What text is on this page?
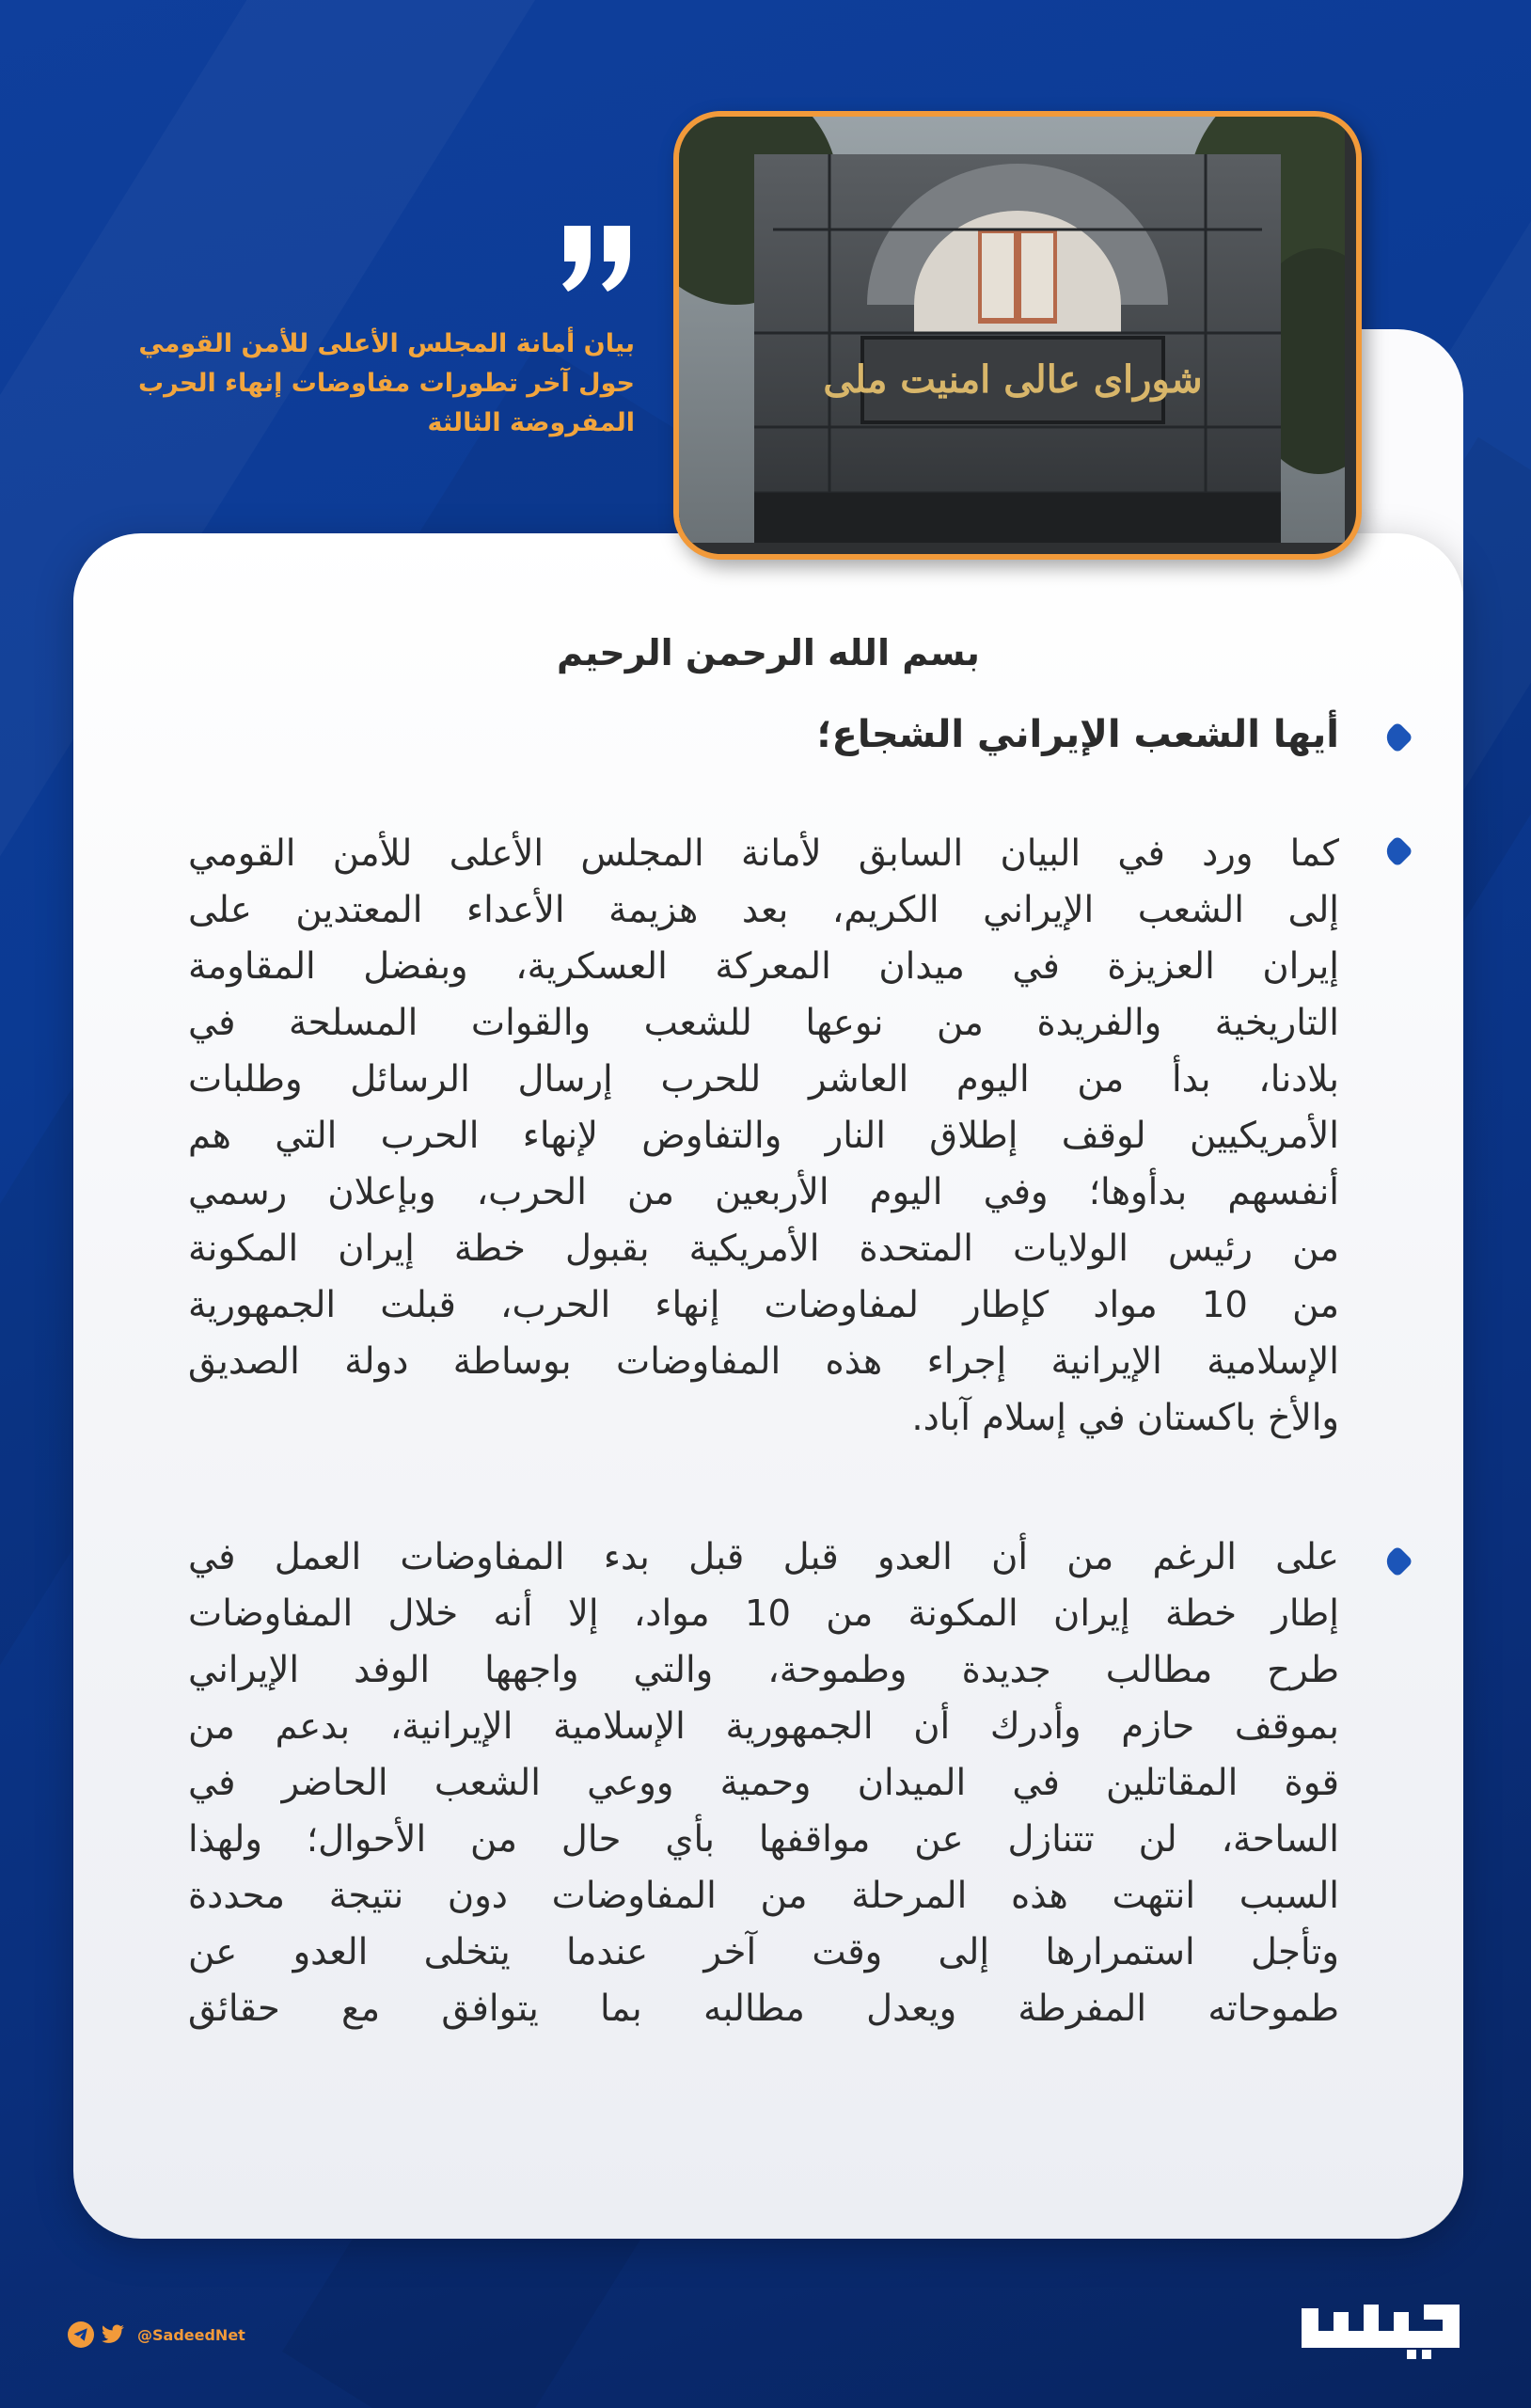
شورای عالی امنیت ملی
بيان أمانة المجلس الأعلى للأمن القومي
حول آخر تطورات مفاوضات إنهاء الحرب
المفروضة الثالثة
بسم الله الرحمن الرحيم
أيها الشعب الإيراني الشجاع؛
كما ورد في البيان السابق لأمانة المجلس الأعلى للأمن القومي
إلى الشعب الإيراني الكريم، بعد هزيمة الأعداء المعتدين على
إيران العزيزة في ميدان المعركة العسكرية، وبفضل المقاومة
التاريخية والفريدة من نوعها للشعب والقوات المسلحة في
بلادنا، بدأ من اليوم العاشر للحرب إرسال الرسائل وطلبات
الأمريكيين لوقف إطلاق النار والتفاوض لإنهاء الحرب التي هم
أنفسهم بدأوها؛ وفي اليوم الأربعين من الحرب، وبإعلان رسمي
من رئيس الولايات المتحدة الأمريكية بقبول خطة إيران المكونة
من 10 مواد كإطار لمفاوضات إنهاء الحرب، قبلت الجمهورية
الإسلامية الإيرانية إجراء هذه المفاوضات بوساطة دولة الصديق
والأخ باكستان في إسلام آباد.
على الرغم من أن العدو قبل قبل بدء المفاوضات العمل في
إطار خطة إيران المكونة من 10 مواد، إلا أنه خلال المفاوضات
طرح مطالب جديدة وطموحة، والتي واجهها الوفد الإيراني
بموقف حازم وأدرك أن الجمهورية الإسلامية الإيرانية، بدعم من
قوة المقاتلين في الميدان وحمية ووعي الشعب الحاضر في
الساحة، لن تتنازل عن مواقفها بأي حال من الأحوال؛ ولهذا
السبب انتهت هذه المرحلة من المفاوضات دون نتيجة محددة
وتأجل استمرارها إلى وقت آخر عندما يتخلى العدو عن
طموحاته المفرطة ويعدل مطالبه بما يتوافق مع حقائق
@SadeedNet
